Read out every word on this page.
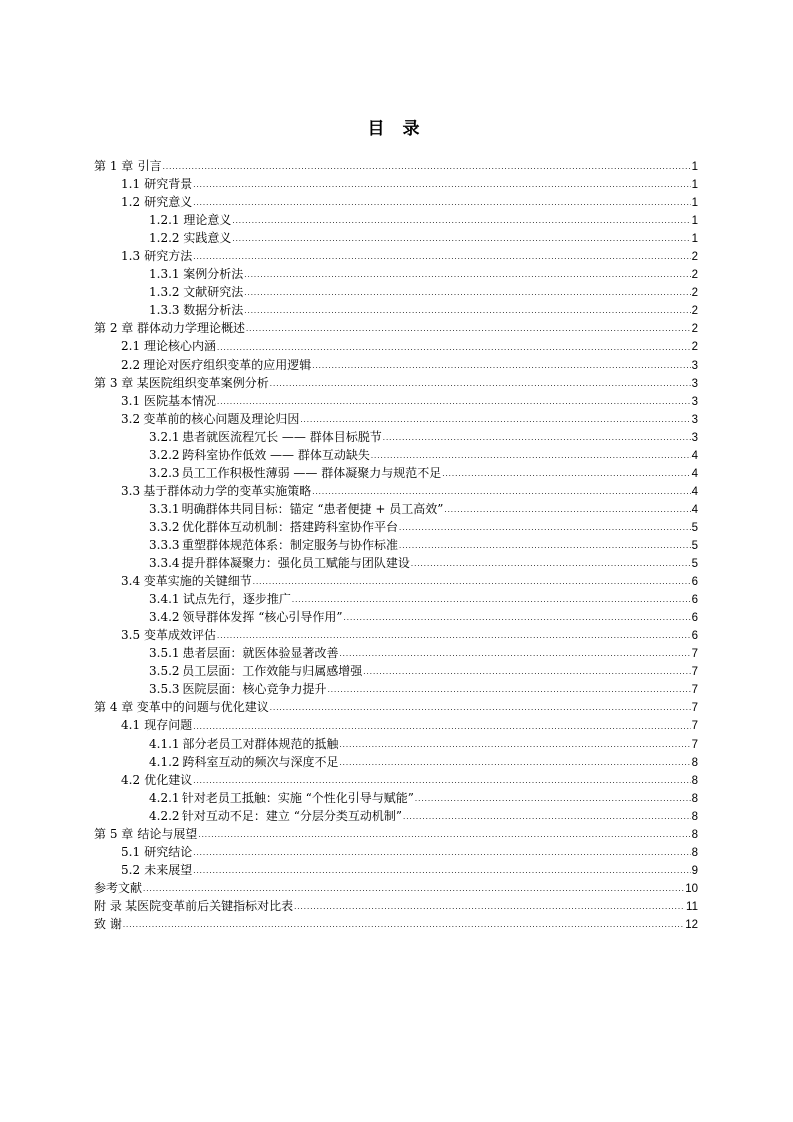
目 录
第 1 章 引言 .....	1
1.1 研究背景 .....	1
1.2 研究意义 .....	1
1.2.1 理论意义 .....	1
1.2.2 实践意义 .....	1
1.3 研究方法 .....	2
1.3.1 案例分析法 .....	2
1.3.2 文献研究法 .....	2
1.3.3 数据分析法 .....	2
第 2 章 群体动力学理论概述 .....	2
2.1 理论核心内涵 .....	2
2.2 理论对医疗组织变革的应用逻辑 .....	3
第 3 章 某医院组织变革案例分析 .....	3
3.1 医院基本情况 .....	3
3.2 变革前的核心问题及理论归因 .....	3
3.2.1 患者就医流程冗长 —— 群体目标脱节 .....	3
3.2.2 跨科室协作低效 —— 群体互动缺失 .....	4
3.2.3 员工工作积极性薄弱 —— 群体凝聚力与规范不足 .....	4
3.3 基于群体动力学的变革实施策略 .....	4
3.3.1 明确群体共同目标：锚定 “患者便捷 + 员工高效” .....	4
3.3.2 优化群体互动机制：搭建跨科室协作平台 .....	5
3.3.3 重塑群体规范体系：制定服务与协作标准 .....	5
3.3.4 提升群体凝聚力：强化员工赋能与团队建设 .....	5
3.4 变革实施的关键细节 .....	6
3.4.1 试点先行，逐步推广 .....	6
3.4.2 领导群体发挥 “核心引导作用” .....	6
3.5 变革成效评估 .....	6
3.5.1 患者层面：就医体验显著改善 .....	7
3.5.2 员工层面：工作效能与归属感增强 .....	7
3.5.3 医院层面：核心竞争力提升 .....	7
第 4 章 变革中的问题与优化建议 .....	7
4.1 现存问题 .....	7
4.1.1 部分老员工对群体规范的抵触 .....	7
4.1.2 跨科室互动的频次与深度不足 .....	8
4.2 优化建议 .....	8
4.2.1 针对老员工抵触：实施 “个性化引导与赋能” .....	8
4.2.2 针对互动不足：建立 “分层分类互动机制” .....	8
第 5 章 结论与展望 .....	8
5.1 研究结论 .....	8
5.2 未来展望 .....	9
参考文献 .....	10
附 录 某医院变革前后关键指标对比表 .....	11
致 谢 .....	12
